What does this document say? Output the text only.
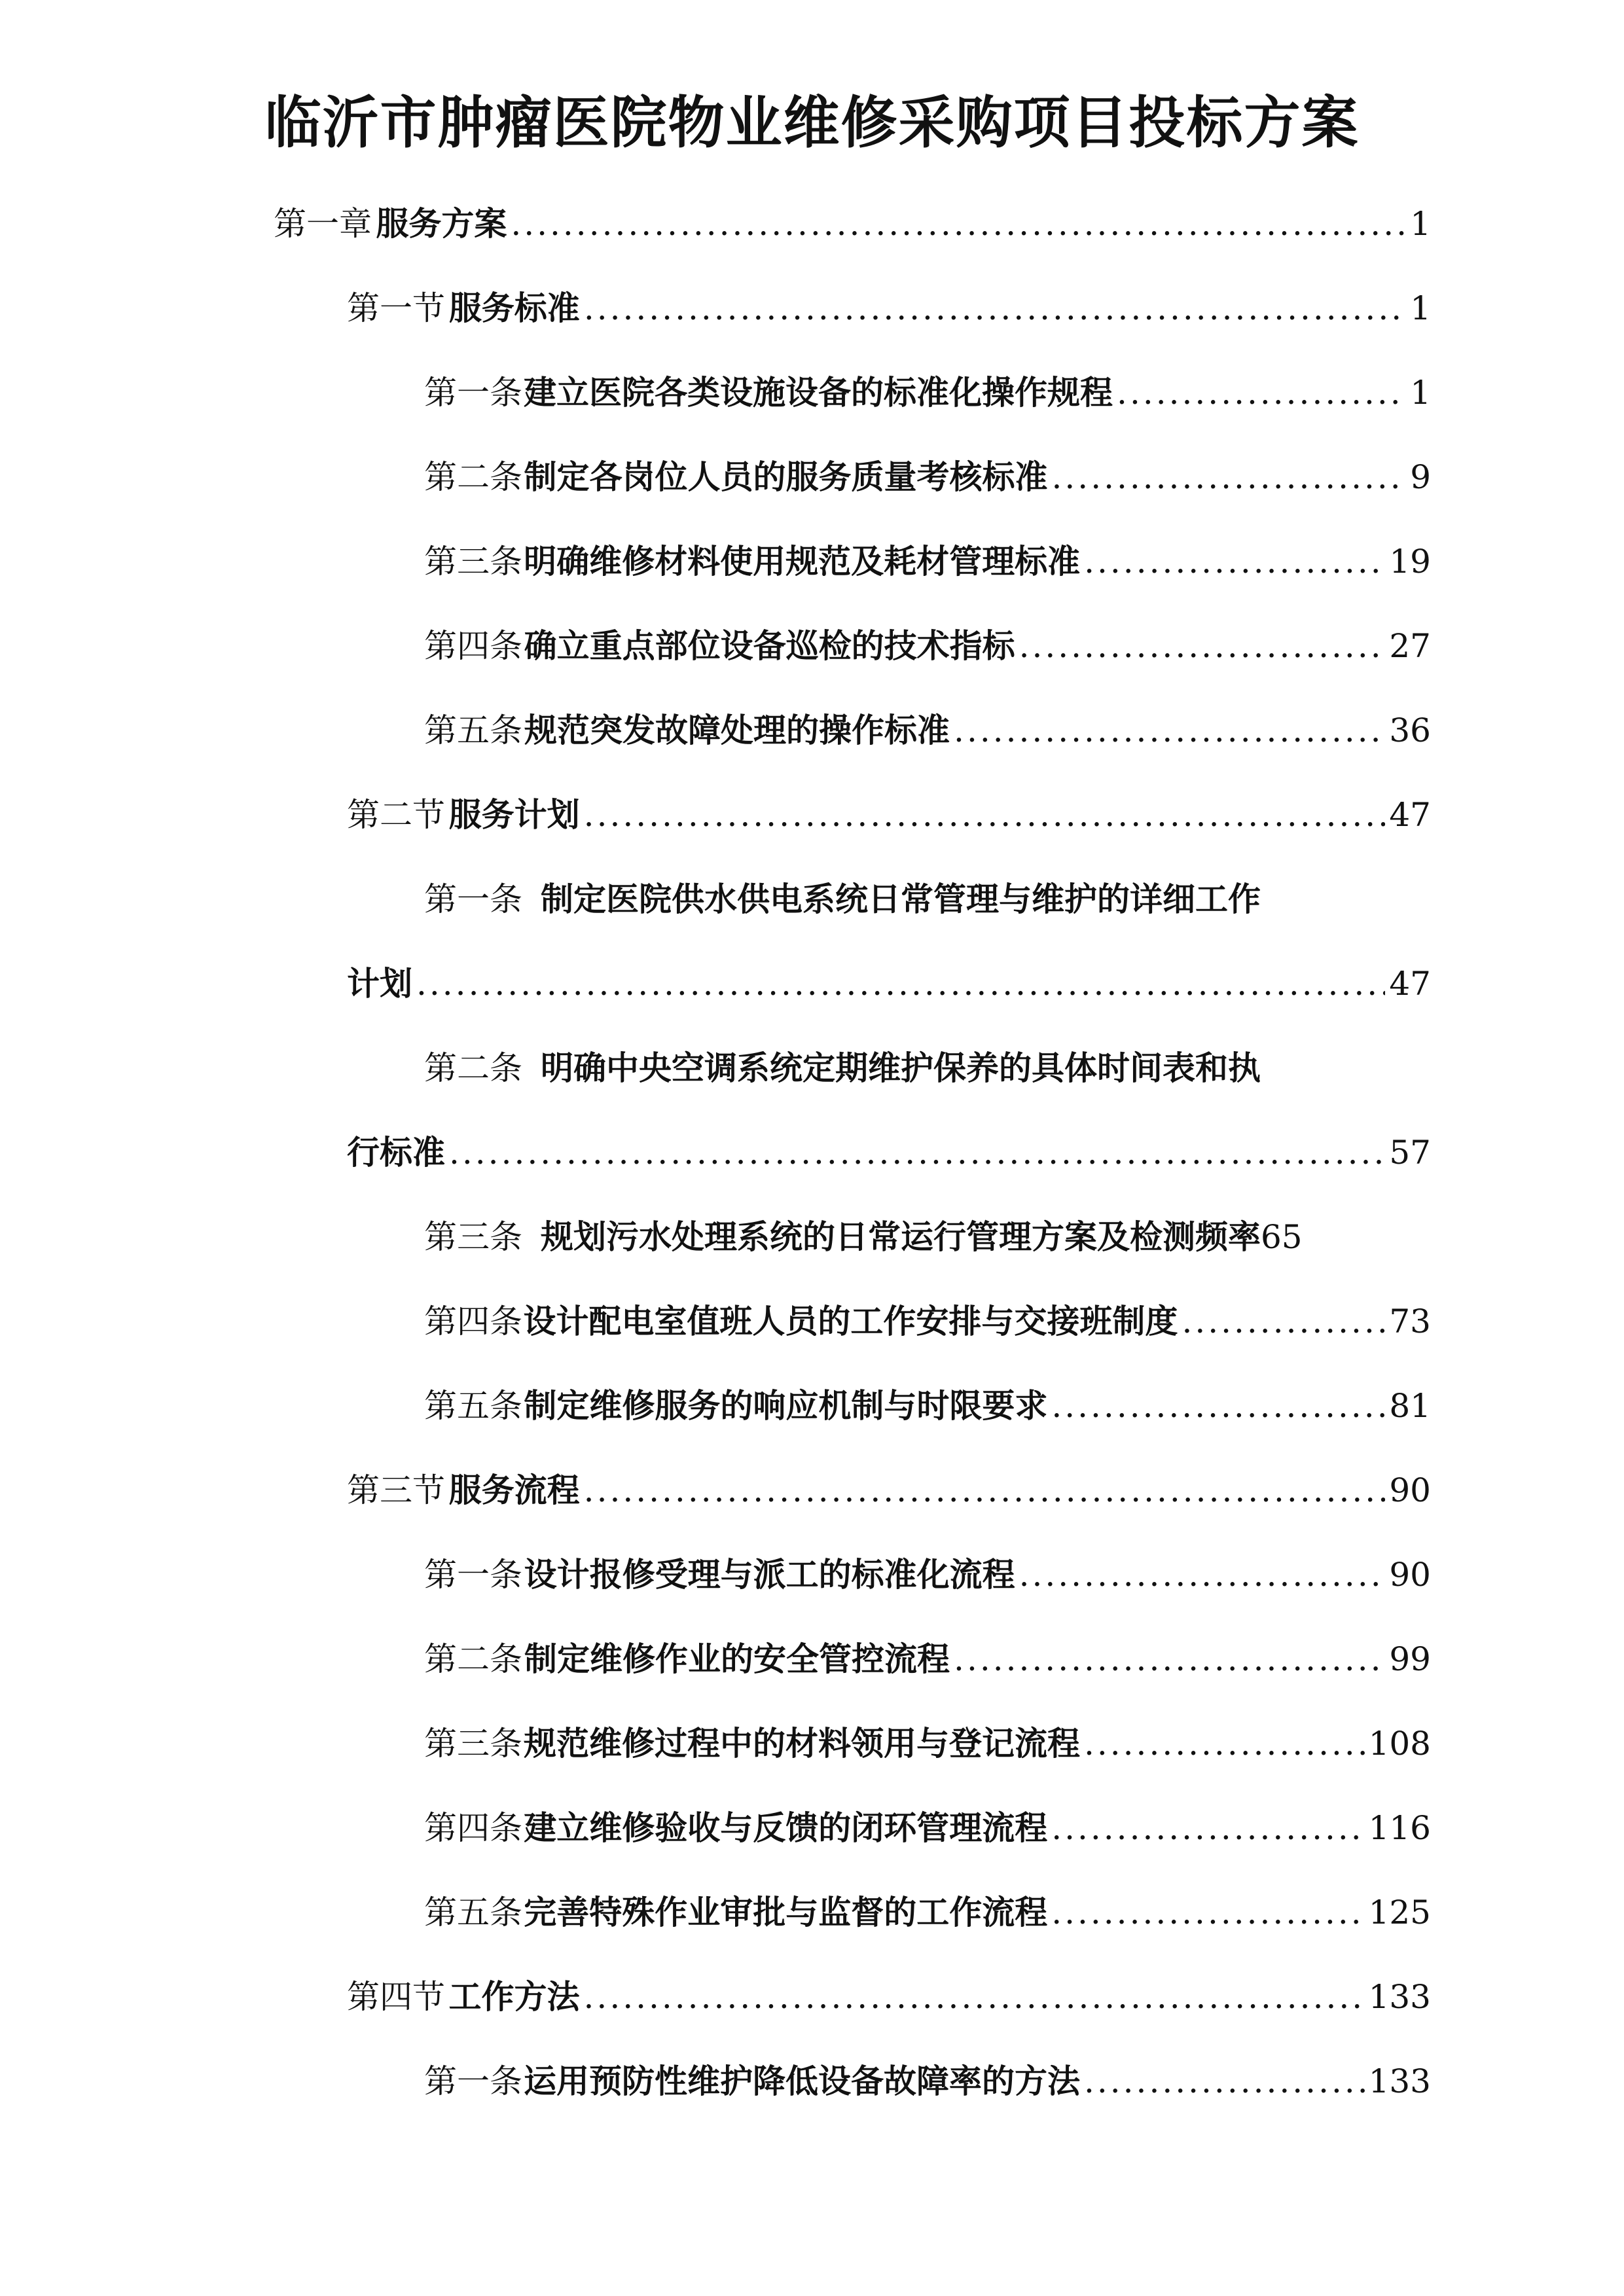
临沂市肿瘤医院物业维修采购项目投标方案
第一章 服务方案 .....	1
第一节 服务标准 .....	1
第一条 建立医院各类设施设备的标准化操作规程 .....	1
第二条 制定各岗位人员的服务质量考核标准 .....	9
第三条 明确维修材料使用规范及耗材管理标准 .....	19
第四条 确立重点部位设备巡检的技术指标 .....	27
第五条 规范突发故障处理的操作标准 .....	36
第二节 服务计划 .....	47
第一条 制定医院供水供电系统日常管理与维护的详细工作
计划 .....	47
第二条 明确中央空调系统定期维护保养的具体时间表和执
行标准 .....	57
第三条 规划污水处理系统的日常运行管理方案及检测频率 65
第四条 设计配电室值班人员的工作安排与交接班制度 .....	73
第五条 制定维修服务的响应机制与时限要求 .....	81
第三节 服务流程 .....	90
第一条 设计报修受理与派工的标准化流程 .....	90
第二条 制定维修作业的安全管控流程 .....	99
第三条 规范维修过程中的材料领用与登记流程 .....	108
第四条 建立维修验收与反馈的闭环管理流程 .....	116
第五条 完善特殊作业审批与监督的工作流程 .....	125
第四节 工作方法 .....	133
第一条 运用预防性维护降低设备故障率的方法 .....	133
